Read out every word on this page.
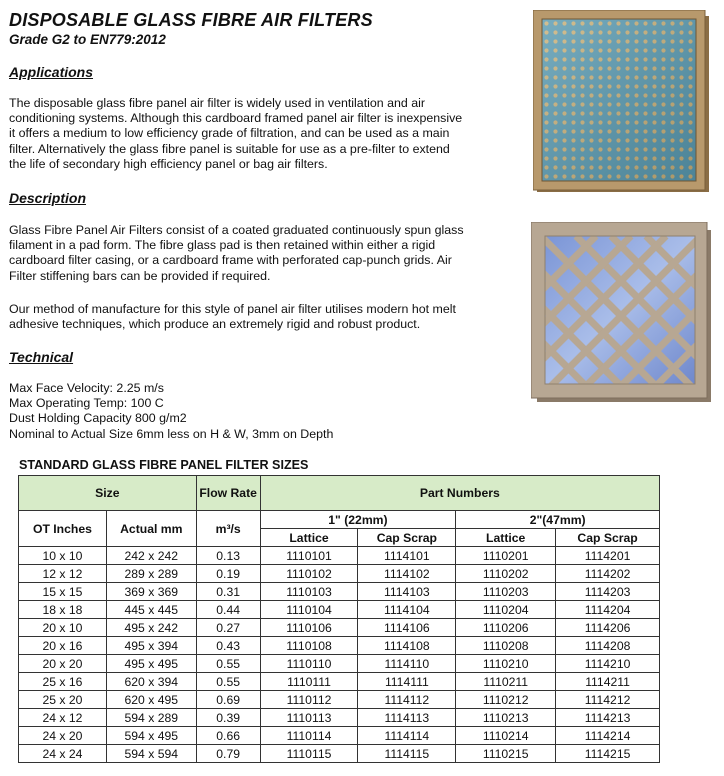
DISPOSABLE GLASS FIBRE AIR FILTERS
Grade G2 to EN779:2012
Applications
The disposable glass fibre panel air filter is widely used in ventilation and air
conditioning systems. Although this cardboard framed panel air filter is inexpensive
it offers a medium to low efficiency grade of filtration, and can be used as a main
filter. Alternatively the glass fibre panel is suitable for use as a pre-filter to extend
the life of secondary high efficiency panel or bag air filters.
Description
Glass Fibre Panel Air Filters consist of a coated graduated continuously spun glass
filament in a pad form. The fibre glass pad is then retained within either a rigid
cardboard filter casing, or a cardboard frame with perforated cap-punch grids. Air
Filter stiffening bars can be provided if required.
Our method of manufacture for this style of panel air filter utilises modern hot melt
adhesive techniques, which produce an extremely rigid and robust product.
Technical
Max Face Velocity: 2.25 m/s
Max Operating Temp: 100 C
Dust Holding Capacity 800 g/m2
Nominal to Actual Size 6mm less on H & W, 3mm on Depth
STANDARD GLASS FIBRE PANEL FILTER SIZES
Size		Flow Rate	Part Numbers			
OT Inches	Actual mm	m³/s	1" (22mm)		2"(47mm)	
			Lattice	Cap Scrap	Lattice	Cap Scrap
10 x 10	242 x 242	0.13	1110101	1114101	1110201	1114201
12 x 12	289 x 289	0.19	1110102	1114102	1110202	1114202
15 x 15	369 x 369	0.31	1110103	1114103	1110203	1114203
18 x 18	445 x 445	0.44	1110104	1114104	1110204	1114204
20 x 10	495 x 242	0.27	1110106	1114106	1110206	1114206
20 x 16	495 x 394	0.43	1110108	1114108	1110208	1114208
20 x 20	495 x 495	0.55	1110110	1114110	1110210	1114210
25 x 16	620 x 394	0.55	1110111	1114111	1110211	1114211
25 x 20	620 x 495	0.69	1110112	1114112	1110212	1114212
24 x 12	594 x 289	0.39	1110113	1114113	1110213	1114213
24 x 20	594 x 495	0.66	1110114	1114114	1110214	1114214
24 x 24	594 x 594	0.79	1110115	1114115	1110215	1114215
